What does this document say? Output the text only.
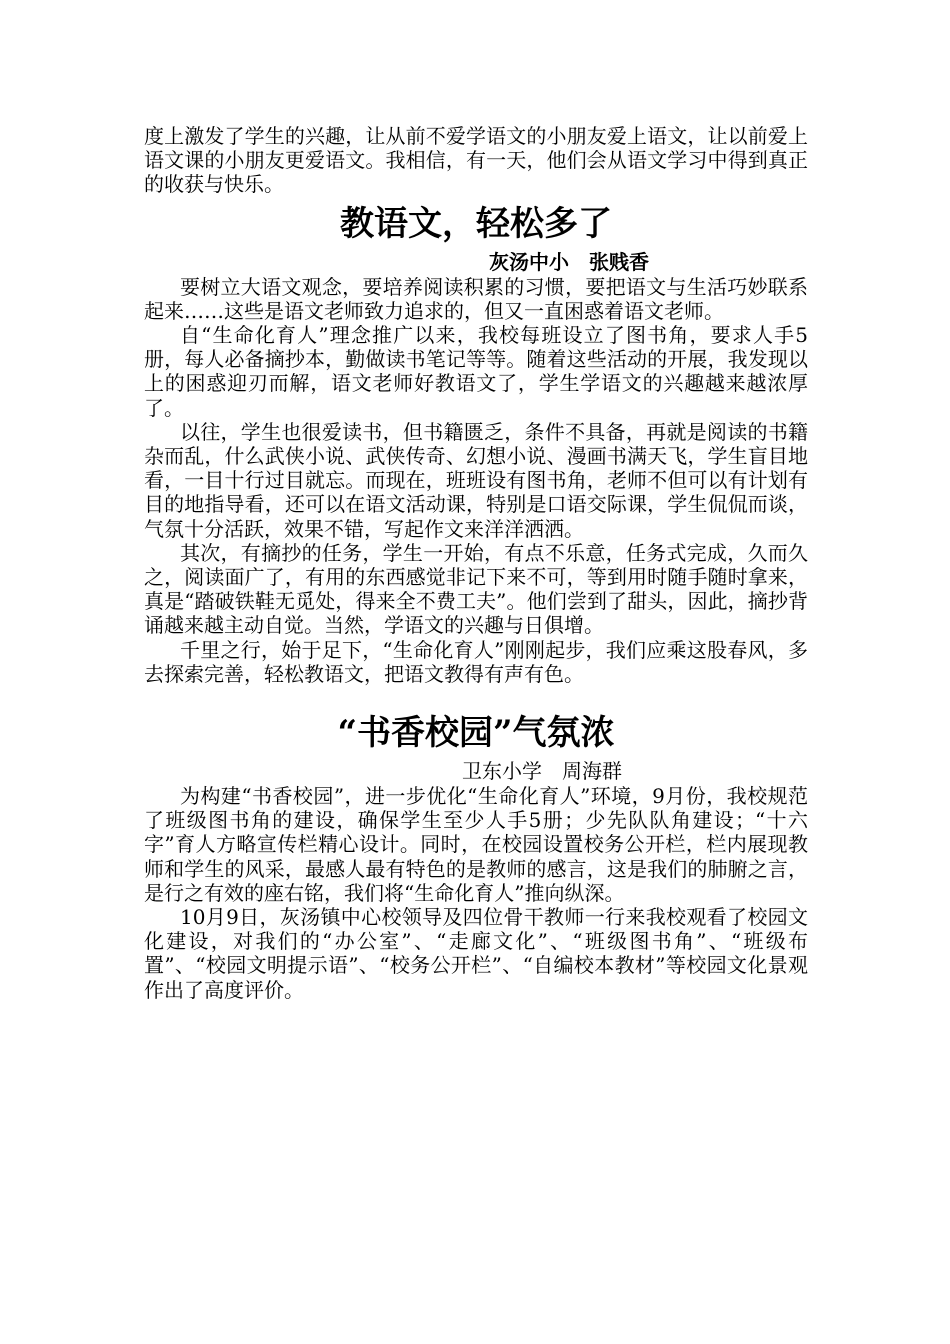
度上激发了学生的兴趣，让从前不爱学语文的小朋友爱上语文，让以前爱上语文课的小朋友更爱语文。我相信，有一天，他们会从语文学习中得到真正的收获与快乐。

教语文，轻松多了

灰汤中小 张贱香

要树立大语文观念，要培养阅读积累的习惯，要把语文与生活巧妙联系起来……这些是语文老师致力追求的，但又一直困惑着语文老师。

自“生命化育人”理念推广以来，我校每班设立了图书角，要求人手5册，每人必备摘抄本，勤做读书笔记等等。随着这些活动的开展，我发现以上的困惑迎刃而解，语文老师好教语文了，学生学语文的兴趣越来越浓厚了。

以往，学生也很爱读书，但书籍匮乏，条件不具备，再就是阅读的书籍杂而乱，什么武侠小说、武侠传奇、幻想小说、漫画书满天飞，学生盲目地看，一目十行过目就忘。而现在，班班设有图书角，老师不但可以有计划有目的地指导看，还可以在语文活动课，特别是口语交际课，学生侃侃而谈，气氛十分活跃，效果不错，写起作文来洋洋洒洒。

其次，有摘抄的任务，学生一开始，有点不乐意，任务式完成，久而久之，阅读面广了，有用的东西感觉非记下来不可，等到用时随手随时拿来，真是“踏破铁鞋无觅处，得来全不费工夫”。他们尝到了甜头，因此，摘抄背诵越来越主动自觉。当然，学语文的兴趣与日俱增。

千里之行，始于足下，“生命化育人”刚刚起步，我们应乘这股春风，多去探索完善，轻松教语文，把语文教得有声有色。

“书香校园”气氛浓

卫东小学 周海群

为构建“书香校园”，进一步优化“生命化育人”环境，9月份，我校规范了班级图书角的建设，确保学生至少人手5册；少先队队角建设；“十六字”育人方略宣传栏精心设计。同时，在校园设置校务公开栏，栏内展现教师和学生的风采，最感人最有特色的是教师的感言，这是我们的肺腑之言，是行之有效的座右铭，我们将“生命化育人”推向纵深。

10月9日，灰汤镇中心校领导及四位骨干教师一行来我校观看了校园文化建设，对我们的“办公室”、“走廊文化”、“班级图书角”、“班级布置”、“校园文明提示语”、“校务公开栏”、“自编校本教材”等校园文化景观作出了高度评价。
